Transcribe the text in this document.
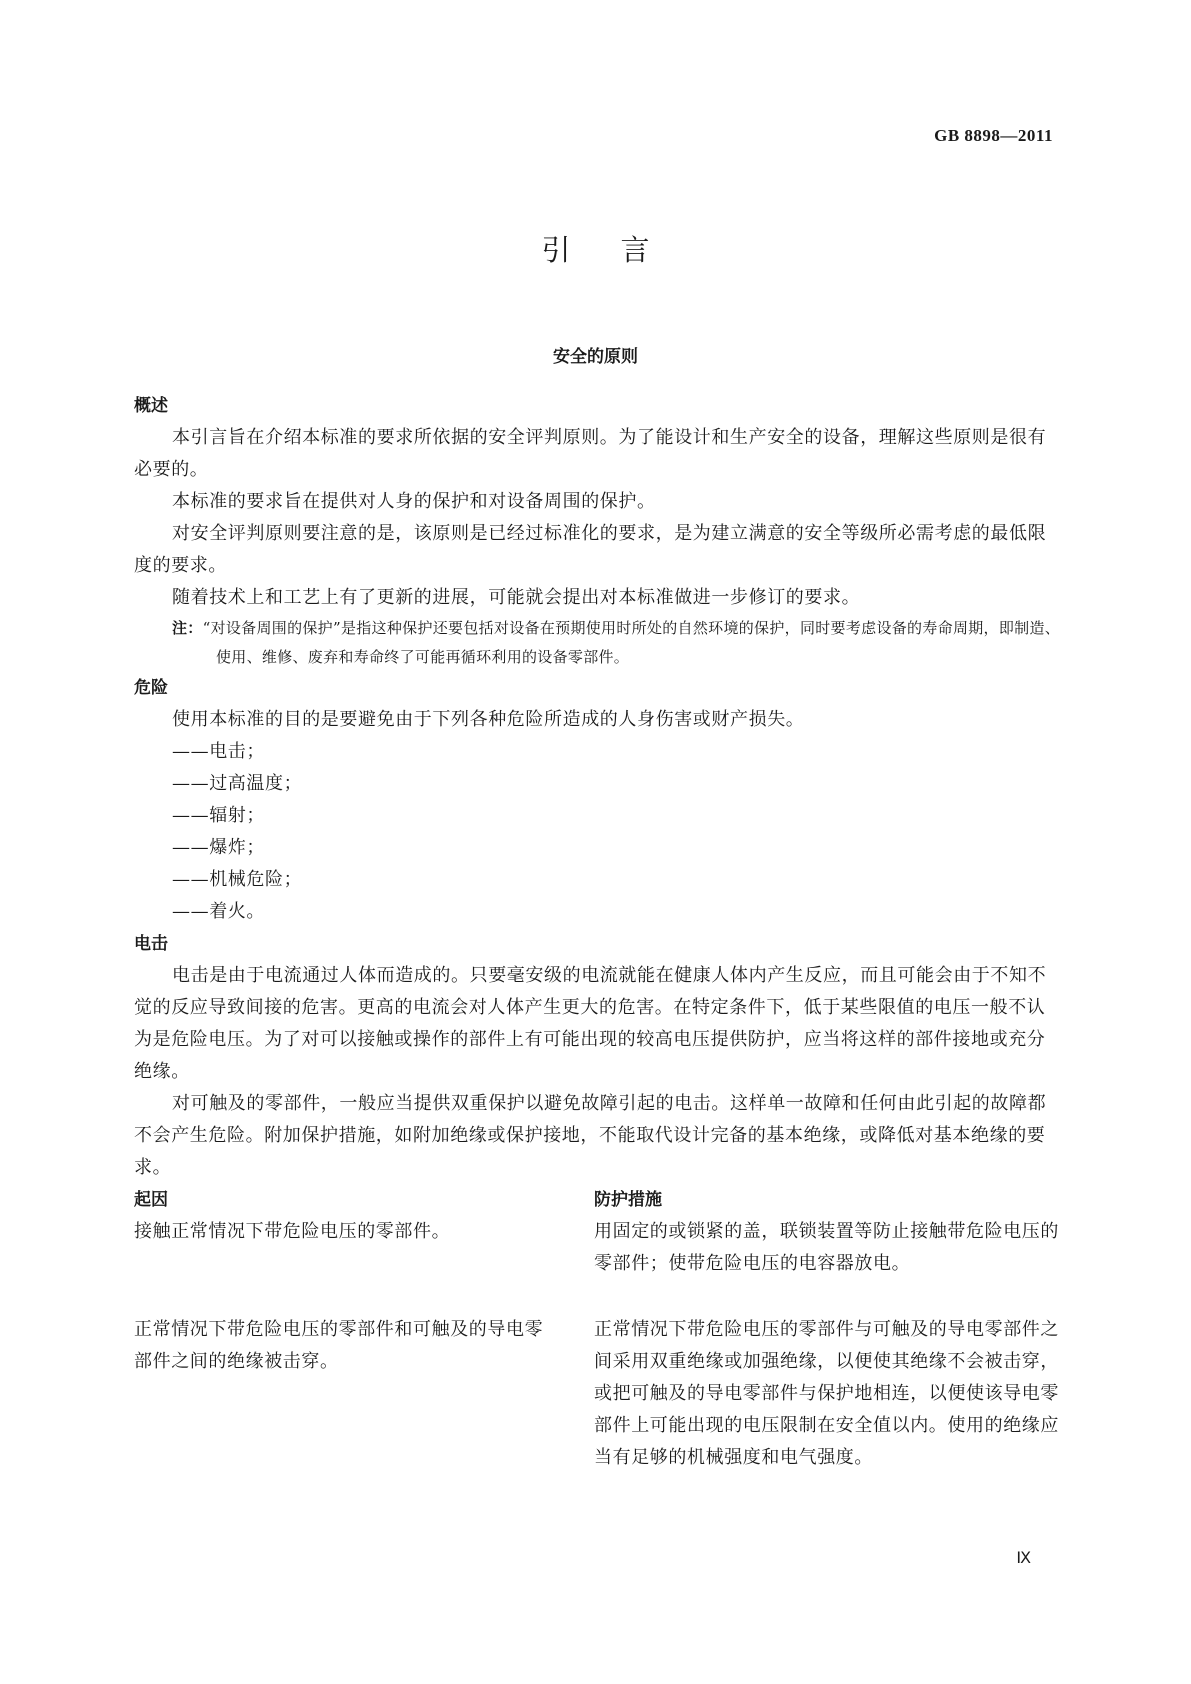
GB 8898—2011
引言
安全的原则
概述

本引言旨在介绍本标准的要求所依据的安全评判原则。为了能设计和生产安全的设备，理解这些原则是很有必要的。

本标准的要求旨在提供对人身的保护和对设备周围的保护。

对安全评判原则要注意的是，该原则是已经过标准化的要求，是为建立满意的安全等级所必需考虑的最低限度的要求。

随着技术上和工艺上有了更新的进展，可能就会提出对本标准做进一步修订的要求。

注：“对设备周围的保护”是指这种保护还要包括对设备在预期使用时所处的自然环境的保护，同时要考虑设备的寿命周期，即制造、使用、维修、废弃和寿命终了可能再循环利用的设备零部件。

危险

使用本标准的目的是要避免由于下列各种危险所造成的人身伤害或财产损失。

——电击；

——过高温度；

——辐射；

——爆炸；

——机械危险；

——着火。

电击

电击是由于电流通过人体而造成的。只要毫安级的电流就能在健康人体内产生反应，而且可能会由于不知不觉的反应导致间接的危害。更高的电流会对人体产生更大的危害。在特定条件下，低于某些限值的电压一般不认为是危险电压。为了对可以接触或操作的部件上有可能出现的较高电压提供防护，应当将这样的部件接地或充分绝缘。

对可触及的零部件，一般应当提供双重保护以避免故障引起的电击。这样单一故障和任何由此引起的故障都不会产生危险。附加保护措施，如附加绝缘或保护接地，不能取代设计完备的基本绝缘，或降低对基本绝缘的要求。

起因	防护措施
接触正常情况下带危险电压的零部件。	用固定的或锁紧的盖，联锁装置等防止接触带危险电压的零部件；使带危险电压的电容器放电。
正常情况下带危险电压的零部件和可触及的导电零部件之间的绝缘被击穿。
正常情况下带危险电压的零部件与可触及的导电零部件之间采用双重绝缘或加强绝缘，以便使其绝缘不会被击穿，或把可触及的导电零部件与保护地相连，以便使该导电零部件上可能出现的电压限制在安全值以内。使用的绝缘应当有足够的机械强度和电气强度。
Ⅸ
